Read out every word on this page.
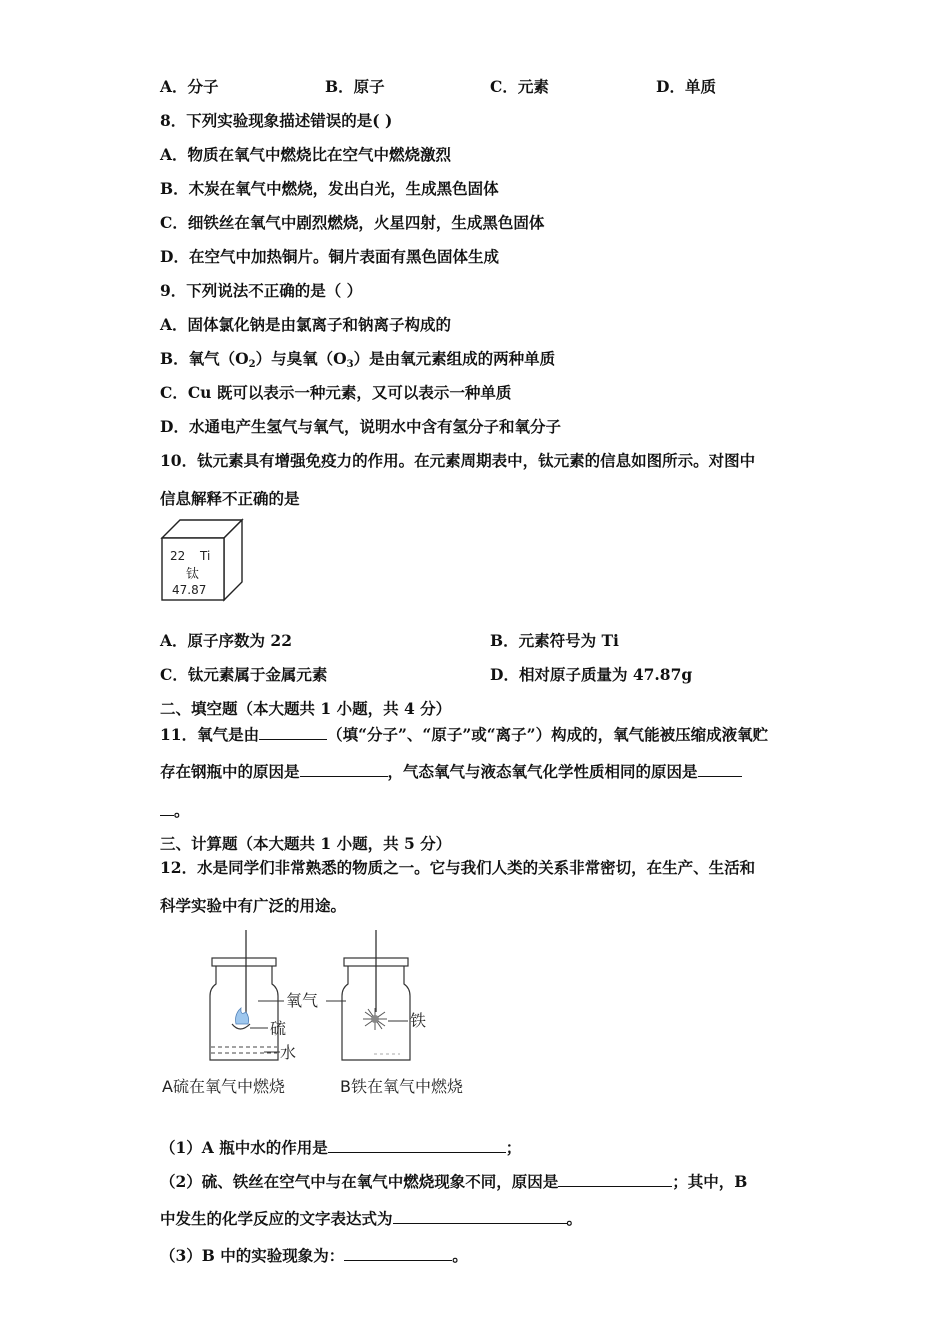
A．分子	B．原子	C．元素	D．单质
8．下列实验现象描述错误的是( )
A．物质在氧气中燃烧比在空气中燃烧激烈
B．木炭在氧气中燃烧，发出白光，生成黑色固体
C．细铁丝在氧气中剧烈燃烧，火星四射，生成黑色固体
D．在空气中加热铜片。铜片表面有黑色固体生成
9．下列说法不正确的是（ ）
A．固体氯化钠是由氯离子和钠离子构成的
B．氧气$(O_2)$与臭氧$(O_3)$是由氧元素组成的两种单质
C．Cu 既可以表示一种元素，又可以表示一种单质
D．水通电产生氢气与氧气，说明水中含有氢分子和氧分子
10．钛元素具有增强免疫力的作用。在元素周期表中，钛元素的信息如图所示。对图中
信息解释不正确的是
22 Ti
钛
47.87
A．原子序数为 22	B．元素符号为 Ti
C．钛元素属于金属元素	D．相对原子质量为 47.87g
二、填空题（本大题共 1 小题，共 4 分）
11．氧气是由	（填“分子”、“原子”或“离子”）构成的，氧气能被压缩成液氧贮
存在钢瓶中的原因是	，气态氧气与液态氧气化学性质相同的原因是
。
三、计算题（本大题共 1 小题，共 5 分）
12．水是同学们非常熟悉的物质之一。它与我们人类的关系非常密切，在生产、生活和
科学实验中有广泛的用途。
氧气
硫
水
铁
A硫在氧气中燃烧	B铁在氧气中燃烧
（1）A 瓶中水的作用是	；
（2）硫、铁丝在空气中与在氧气中燃烧现象不同，原因是	；其中，B
中发生的化学反应的文字表达式为	。
（3）B 中的实验现象为：	。
